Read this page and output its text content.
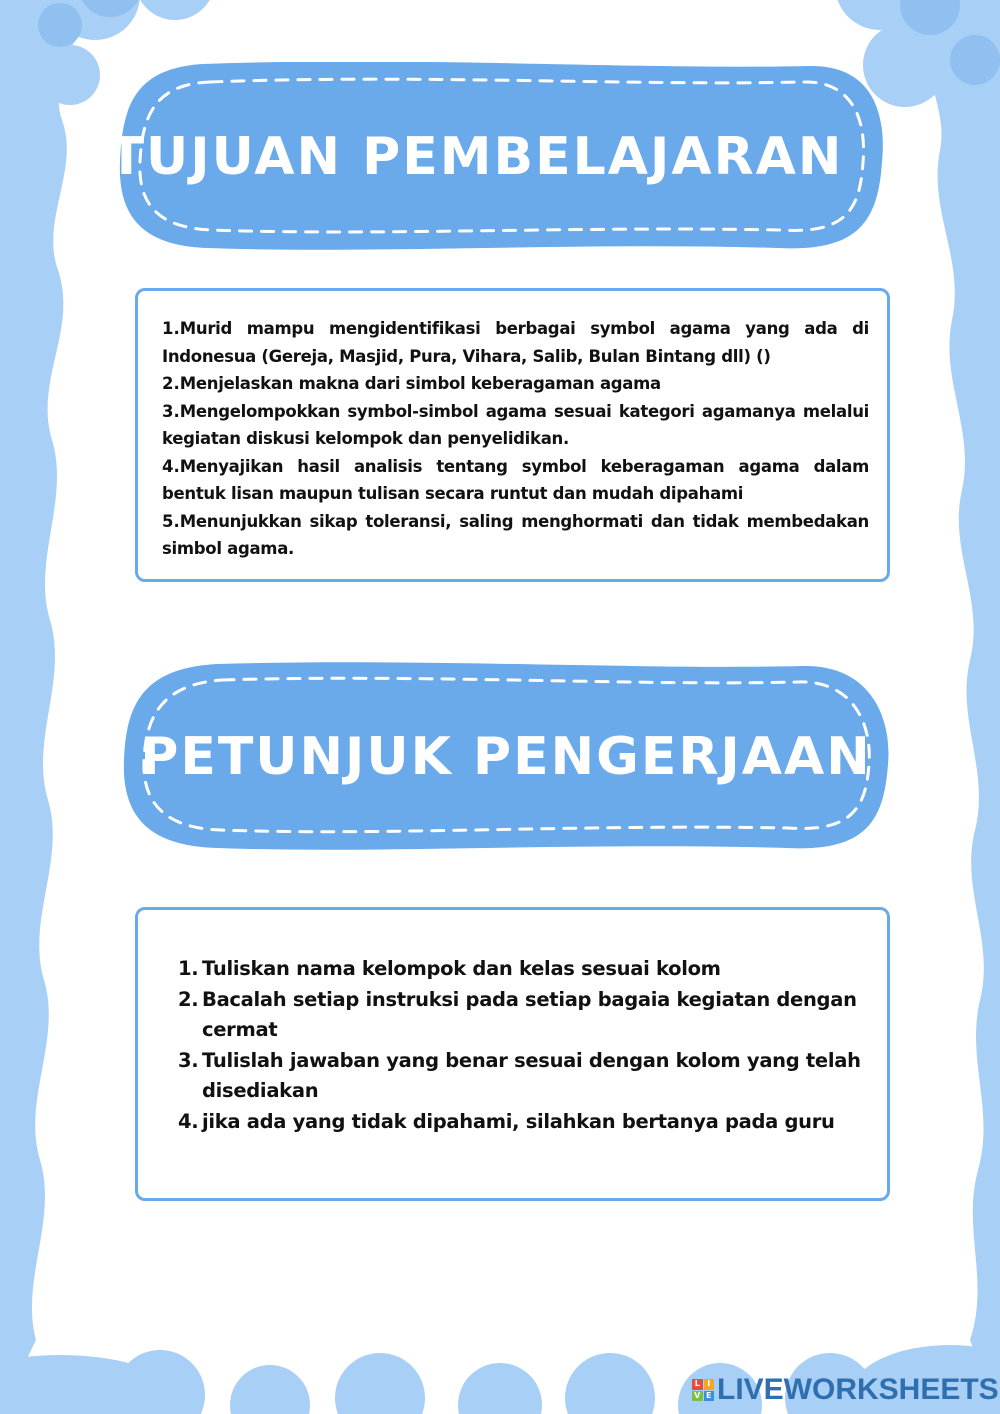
TUJUAN PEMBELAJARAN
1.Murid mampu mengidentifikasi berbagai symbol agama yang ada di Indonesua (Gereja, Masjid, Pura, Vihara, Salib, Bulan Bintang dll) ()
2.Menjelaskan makna dari simbol keberagaman agama
3.Mengelompokkan symbol-simbol agama sesuai kategori agamanya melalui kegiatan diskusi kelompok dan penyelidikan.
4.Menyajikan hasil analisis tentang symbol keberagaman agama dalam bentuk lisan maupun tulisan secara runtut dan mudah dipahami
5.Menunjukkan sikap toleransi, saling menghormati dan tidak membedakan simbol agama.
PETUNJUK PENGERJAAN
1. Tuliskan nama kelompok dan kelas sesuai kolom
2. Bacalah setiap instruksi pada setiap bagaia kegiatan dengan cermat
3. Tulislah jawaban yang benar sesuai dengan kolom yang telah disediakan
4. jika ada yang tidak dipahami, silahkan bertanya pada guru
L I
V E LIVEWORKSHEETS
